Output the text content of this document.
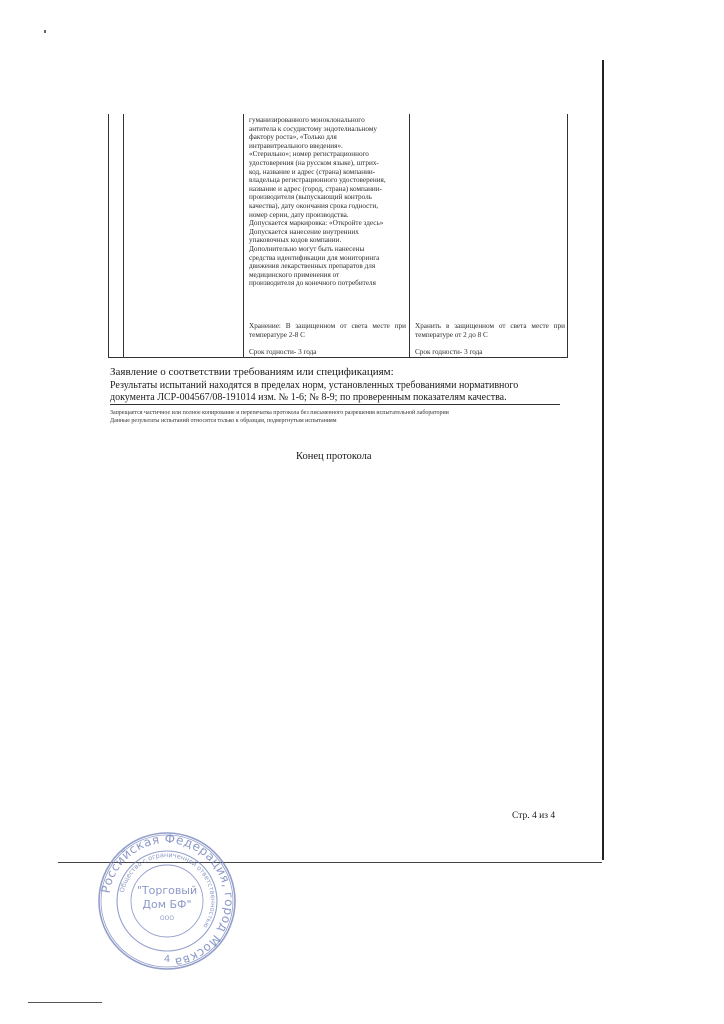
гуманизированного моноклонального
антитела к сосудистому эндотелиальному
фактору роста», «Только для
интравитреального введения».
«Стерильно»; номер регистрационного
удостоверения (на русском языке), штрих-
код, название и адрес (страна) компании-
владельца регистрационного удостоверения,
название и адрес (город, страна) компании-
производителя (выпускающий контроль
качества), дату окончания срока годности,
номер серии, дату производства.
Допускается маркировка: «Откройте здесь»
Допускается нанесение внутренних
упаковочных кодов компании.
Дополнительно могут быть нанесены
средства идентификации для мониторинга
движения лекарственных препаратов для
медицинского применения от
производителя до конечного потребителя
Хранение: В защищенном от света месте при температуре 2-8 С
Срок годности- 3 года
Хранить в защищенном от света месте при температуре от 2 до 8 С
Срок годности- 3 года
Заявление о соответствии требованиям или спецификациям:
Результаты испытаний находятся в пределах норм, установленных требованиями нормативного
документа ЛСР-004567/08-191014 изм. № 1-6; № 8-9; по проверенным показателям качества.
Запрещается частичное или полное копирование и перепечатка протокола без письменного разрешения испытательной лаборатории
Данные результаты испытаний относятся только к образцам, подвергнутым испытаниям
Конец протокола
Стр. 4 из 4
Российская Федерация, город Москва
Общество с ограниченной ответственностью
"Торговый
Дом БФ"
ООО
4
